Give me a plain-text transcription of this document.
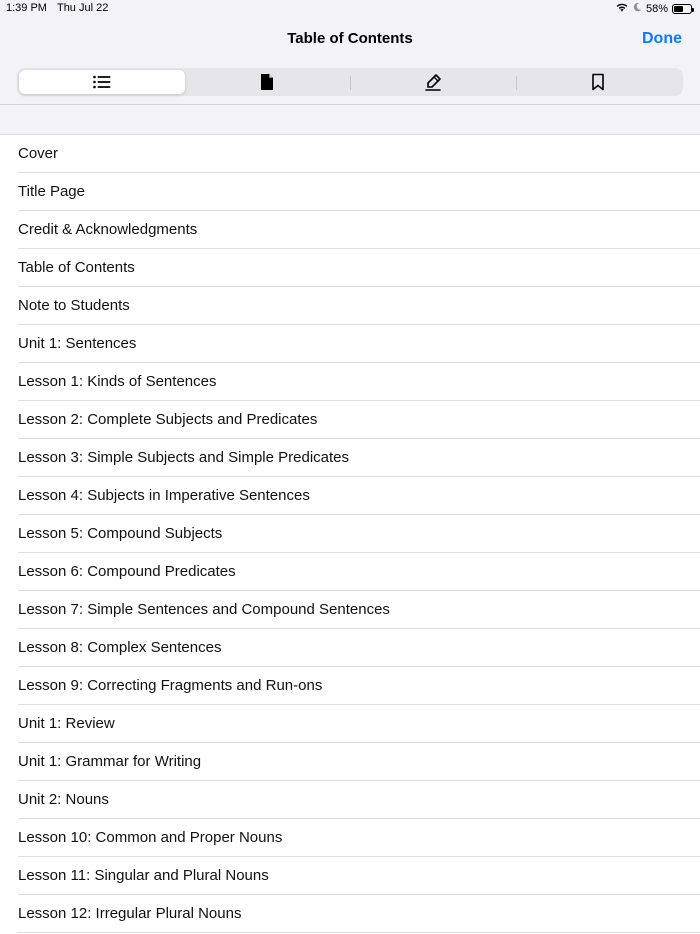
1:39 PM Thu Jul 22	58%
Table of Contents	Done
Cover
Title Page
Credit & Acknowledgments
Table of Contents
Note to Students
Unit 1: Sentences
Lesson 1: Kinds of Sentences
Lesson 2: Complete Subjects and Predicates
Lesson 3: Simple Subjects and Simple Predicates
Lesson 4: Subjects in Imperative Sentences
Lesson 5: Compound Subjects
Lesson 6: Compound Predicates
Lesson 7: Simple Sentences and Compound Sentences
Lesson 8: Complex Sentences
Lesson 9: Correcting Fragments and Run-ons
Unit 1: Review
Unit 1: Grammar for Writing
Unit 2: Nouns
Lesson 10: Common and Proper Nouns
Lesson 11: Singular and Plural Nouns
Lesson 12: Irregular Plural Nouns
